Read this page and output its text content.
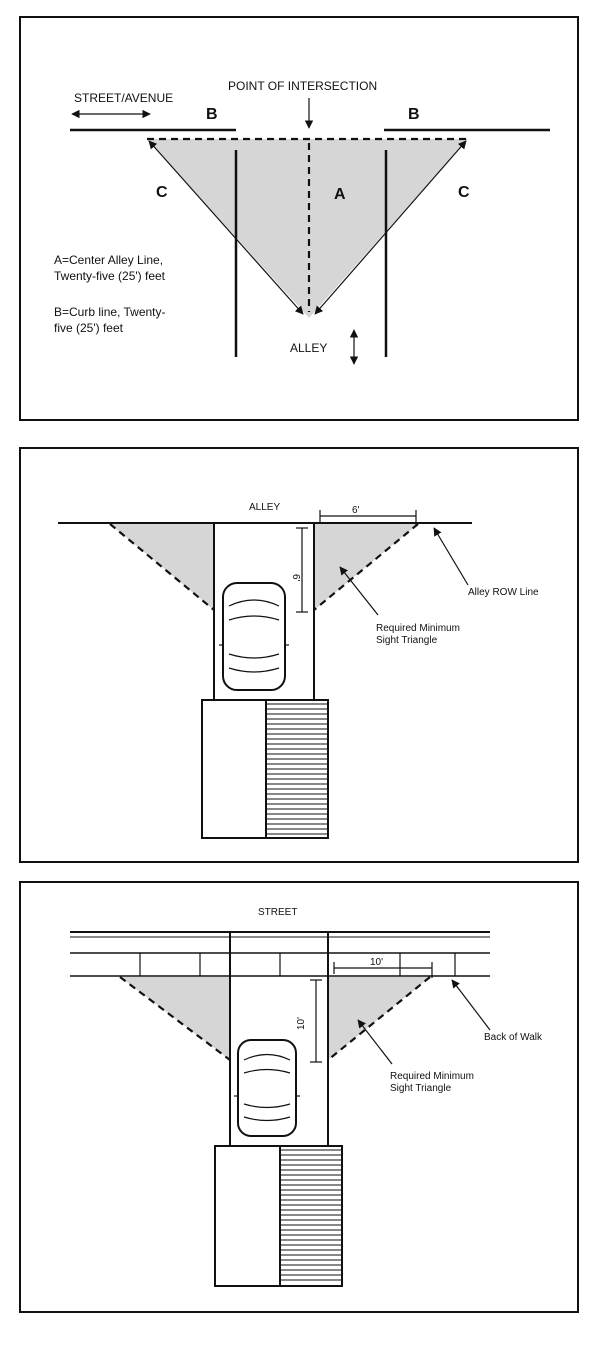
STREET/AVENUE
POINT OF INTERSECTION
B	B
C	C
A
A=Center Alley Line,
Twenty-five (25') feet
B=Curb line, Twenty-
five (25') feet
ALLEY
ALLEY	6'
6'
Alley ROW Line
Required Minimum
Sight Triangle
STREET
10'
10'
Back of Walk
Required Minimum
Sight Triangle
